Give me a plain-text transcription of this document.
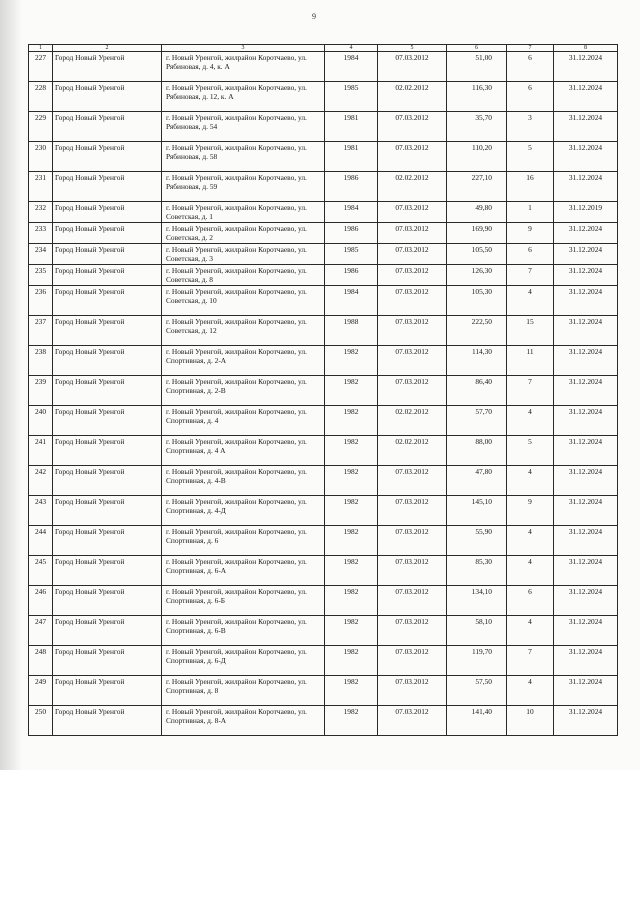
9
1	2	3	4	5	6	7	8
227	Город Новый Уренгой	г. Новый Уренгой, жилрайон Коротчаево, ул. Рябиновая, д. 4, к. А	1984	07.03.2012	51,00	6	31.12.2024
228	Город Новый Уренгой	г. Новый Уренгой, жилрайон Коротчаево, ул. Рябиновая, д. 12, к. А	1985	02.02.2012	116,30	6	31.12.2024
229	Город Новый Уренгой	г. Новый Уренгой, жилрайон Коротчаево, ул. Рябиновая, д. 54	1981	07.03.2012	35,70	3	31.12.2024
230	Город Новый Уренгой	г. Новый Уренгой, жилрайон Коротчаево, ул. Рябиновая, д. 58	1981	07.03.2012	110,20	5	31.12.2024
231	Город Новый Уренгой	г. Новый Уренгой, жилрайон Коротчаево, ул. Рябиновая, д. 59	1986	02.02.2012	227,10	16	31.12.2024
232	Город Новый Уренгой	г. Новый Уренгой, жилрайон Коротчаево, ул. Советская, д. 1	1984	07.03.2012	49,80	1	31.12.2019
233	Город Новый Уренгой	г. Новый Уренгой, жилрайон Коротчаево, ул. Советская, д. 2	1986	07.03.2012	169,90	9	31.12.2024
234	Город Новый Уренгой	г. Новый Уренгой, жилрайон Коротчаево, ул. Советская, д. 3	1985	07.03.2012	105,50	6	31.12.2024
235	Город Новый Уренгой	г. Новый Уренгой, жилрайон Коротчаево, ул. Советская, д. 8	1986	07.03.2012	126,30	7	31.12.2024
236	Город Новый Уренгой	г. Новый Уренгой, жилрайон Коротчаево, ул. Советская, д. 10	1984	07.03.2012	105,30	4	31.12.2024
237	Город Новый Уренгой	г. Новый Уренгой, жилрайон Коротчаево, ул. Советская, д. 12	1988	07.03.2012	222,50	15	31.12.2024
238	Город Новый Уренгой	г. Новый Уренгой, жилрайон Коротчаево, ул. Спортивная, д. 2-А	1982	07.03.2012	114,30	11	31.12.2024
239	Город Новый Уренгой	г. Новый Уренгой, жилрайон Коротчаево, ул. Спортивная, д. 2-В	1982	07.03.2012	86,40	7	31.12.2024
240	Город Новый Уренгой	г. Новый Уренгой, жилрайон Коротчаево, ул. Спортивная, д. 4	1982	02.02.2012	57,70	4	31.12.2024
241	Город Новый Уренгой	г. Новый Уренгой, жилрайон Коротчаево, ул. Спортивная, д. 4 А	1982	02.02.2012	88,00	5	31.12.2024
242	Город Новый Уренгой	г. Новый Уренгой, жилрайон Коротчаево, ул. Спортивная, д. 4-В	1982	07.03.2012	47,80	4	31.12.2024
243	Город Новый Уренгой	г. Новый Уренгой, жилрайон Коротчаево, ул. Спортивная, д. 4-Д	1982	07.03.2012	145,10	9	31.12.2024
244	Город Новый Уренгой	г. Новый Уренгой, жилрайон Коротчаево, ул. Спортивная, д. 6	1982	07.03.2012	55,90	4	31.12.2024
245	Город Новый Уренгой	г. Новый Уренгой, жилрайон Коротчаево, ул. Спортивная, д. 6-А	1982	07.03.2012	85,30	4	31.12.2024
246	Город Новый Уренгой	г. Новый Уренгой, жилрайон Коротчаево, ул. Спортивная, д. 6-Б	1982	07.03.2012	134,10	6	31.12.2024
247	Город Новый Уренгой	г. Новый Уренгой, жилрайон Коротчаево, ул. Спортивная, д. 6-В	1982	07.03.2012	58,10	4	31.12.2024
248	Город Новый Уренгой	г. Новый Уренгой, жилрайон Коротчаево, ул. Спортивная, д. 6-Д	1982	07.03.2012	119,70	7	31.12.2024
249	Город Новый Уренгой	г. Новый Уренгой, жилрайон Коротчаево, ул. Спортивная, д. 8	1982	07.03.2012	57,50	4	31.12.2024
250	Город Новый Уренгой	г. Новый Уренгой, жилрайон Коротчаево, ул. Спортивная, д. 8-А	1982	07.03.2012	141,40	10	31.12.2024
